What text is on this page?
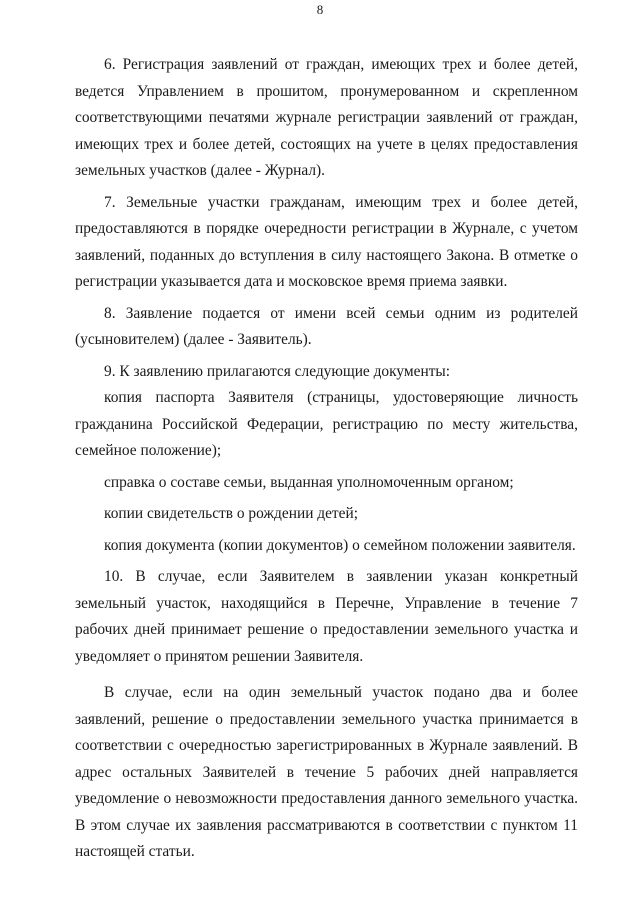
8

6. Регистрация заявлений от граждан, имеющих трех и более детей, ведется Управлением в прошитом, пронумерованном и скрепленном соответствующими печатями журнале регистрации заявлений от граждан, имеющих трех и более детей, состоящих на учете в целях предоставления земельных участков (далее - Журнал).

7. Земельные участки гражданам, имеющим трех и более детей, предоставляются в порядке очередности регистрации в Журнале, с учетом заявлений, поданных до вступления в силу настоящего Закона. В отметке о регистрации указывается дата и московское время приема заявки.

8. Заявление подается от имени всей семьи одним из родителей (усыновителем) (далее - Заявитель).

9. К заявлению прилагаются следующие документы:

копия паспорта Заявителя (страницы, удостоверяющие личность гражданина Российской Федерации, регистрацию по месту жительства, семейное положение);

справка о составе семьи, выданная уполномоченным органом;

копии свидетельств о рождении детей;

копия документа (копии документов) о семейном положении заявителя.

10. В случае, если Заявителем в заявлении указан конкретный земельный участок, находящийся в Перечне, Управление в течение 7 рабочих дней принимает решение о предоставлении земельного участка и уведомляет о принятом решении Заявителя.

В случае, если на один земельный участок подано два и более заявлений, решение о предоставлении земельного участка принимается в соответствии с очередностью зарегистрированных в Журнале заявлений. В адрес остальных Заявителей в течение 5 рабочих дней направляется уведомление о невозможности предоставления данного земельного участка. В этом случае их заявления рассматриваются в соответствии с пунктом 11 настоящей статьи.
